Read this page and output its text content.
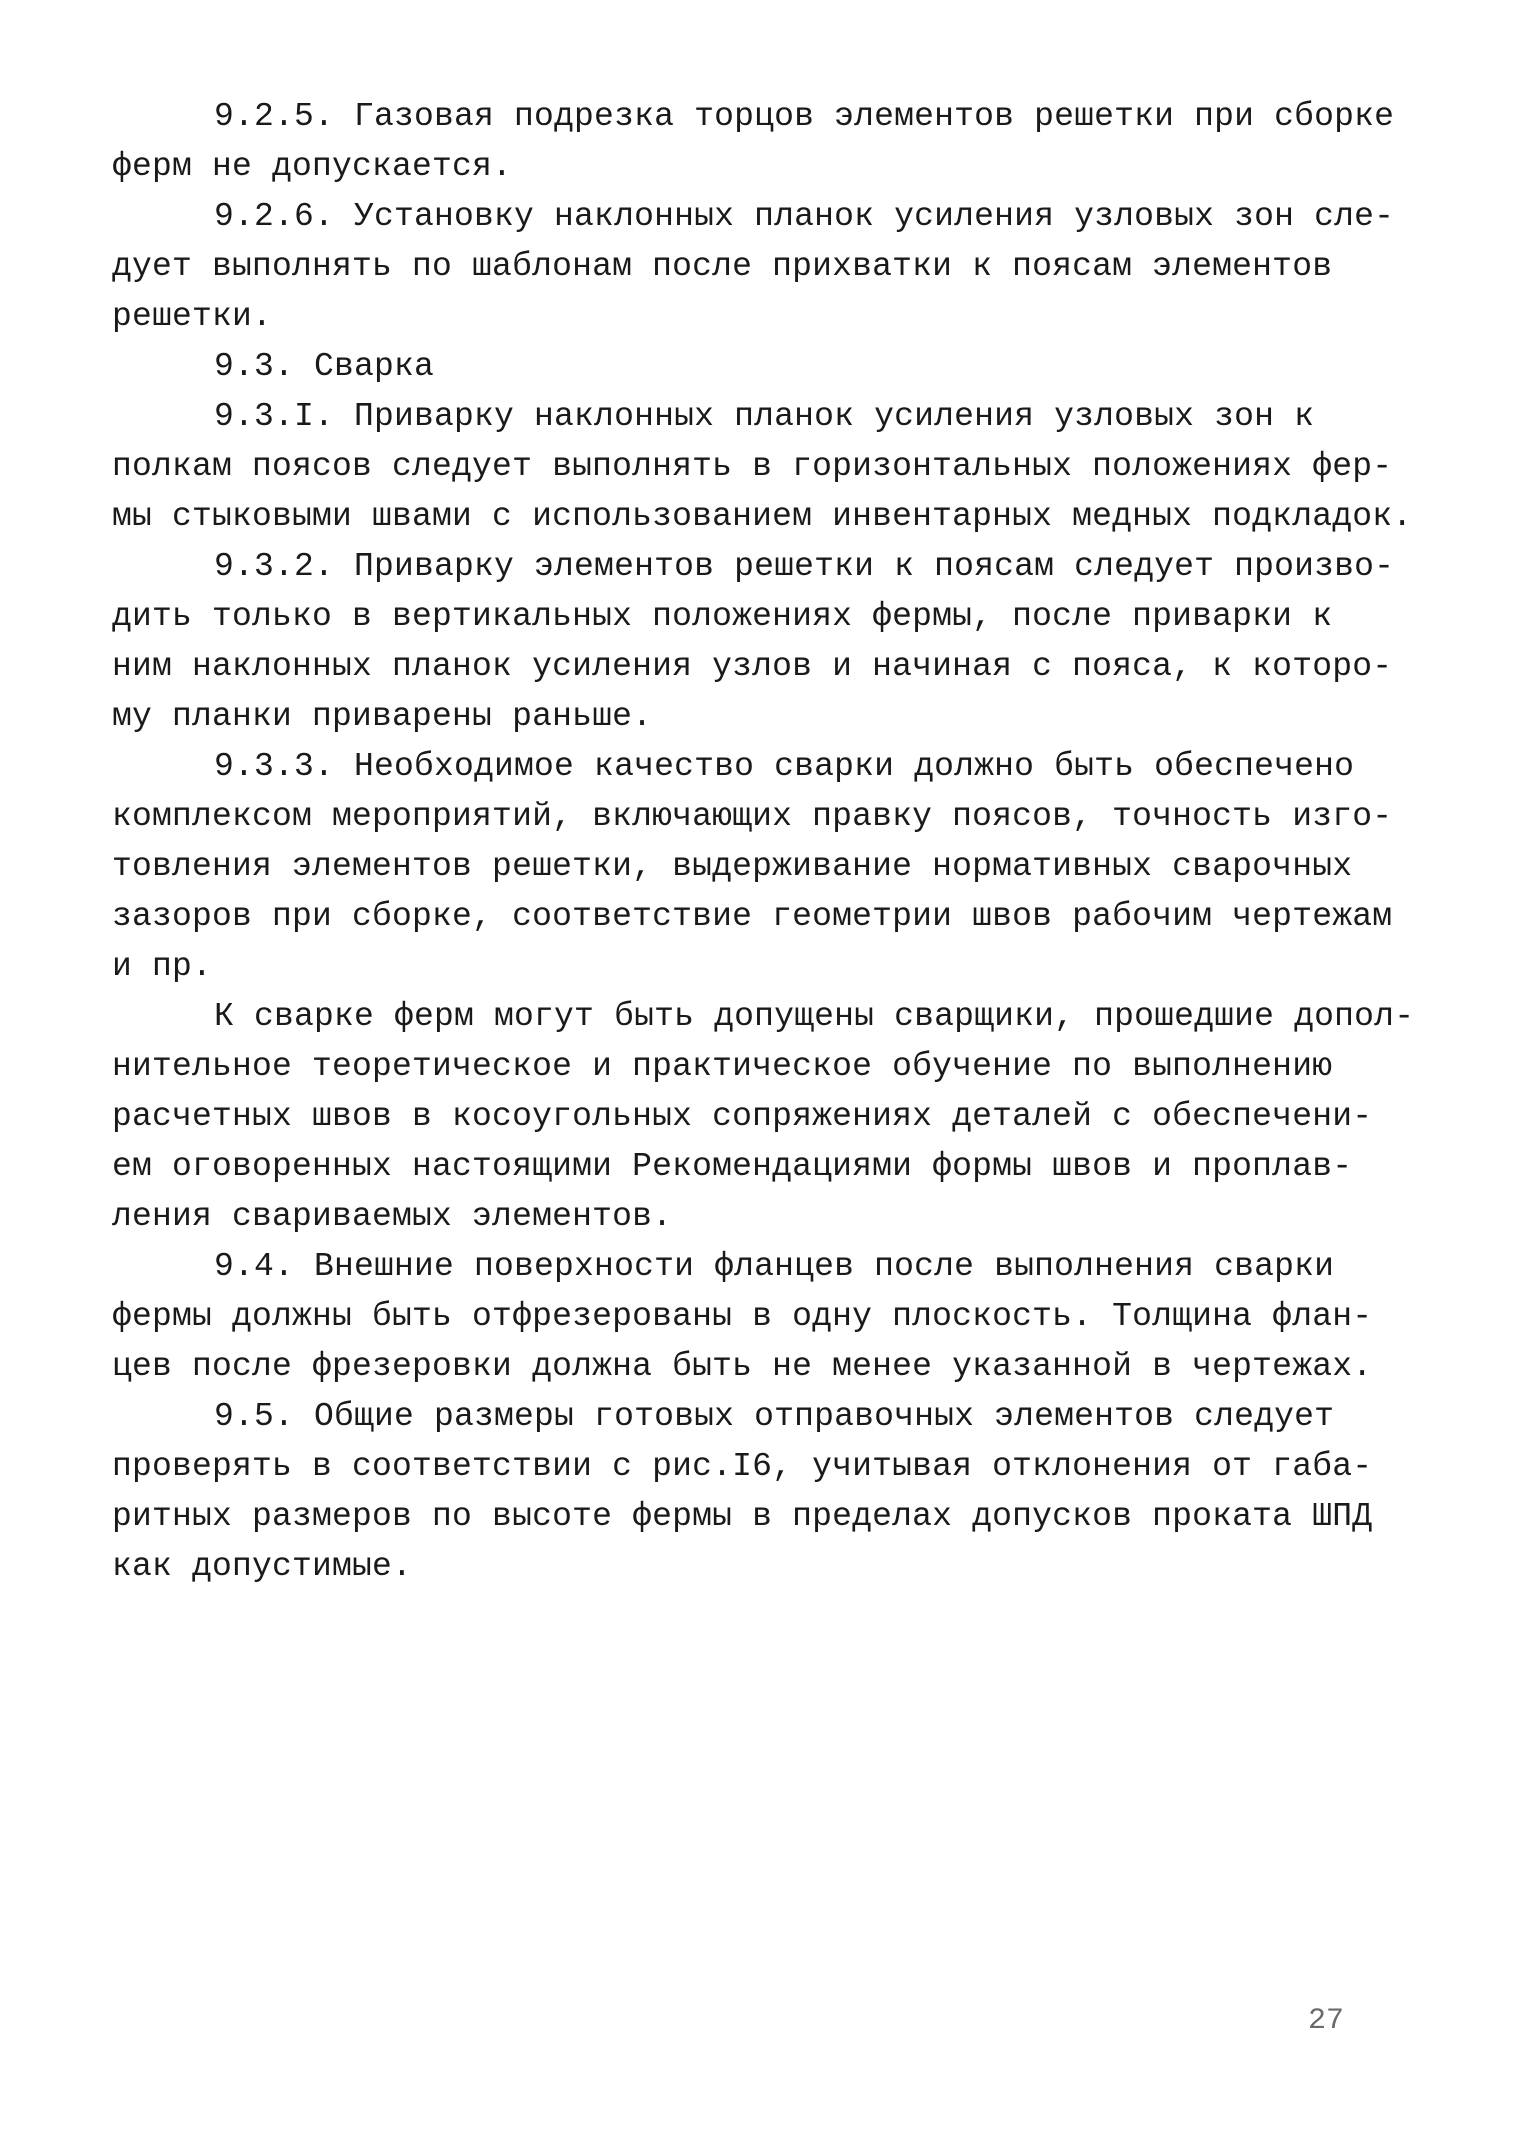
9.2.5. Газовая подрезка торцов элементов решетки при сборке
ферм не допускается.
9.2.6. Установку наклонных планок усиления узловых зон сле-
дует выполнять по шаблонам после прихватки к поясам элементов
решетки.
9.3. Сварка
9.3.I. Приварку наклонных планок усиления узловых зон к
полкам поясов следует выполнять в горизонтальных положениях фер-
мы стыковыми швами с использованием инвентарных медных подкладок.
9.3.2. Приварку элементов решетки к поясам следует произво-
дить только в вертикальных положениях фермы, после приварки к
ним наклонных планок усиления узлов и начиная с пояса, к которо-
му планки приварены раньше.
9.3.3. Необходимое качество сварки должно быть обеспечено
комплексом мероприятий, включающих правку поясов, точность изго-
товления элементов решетки, выдерживание нормативных сварочных
зазоров при сборке, соответствие геометрии швов рабочим чертежам
и пр.
К сварке ферм могут быть допущены сварщики, прошедшие допол-
нительное теоретическое и практическое обучение по выполнению
расчетных швов в косоугольных сопряжениях деталей с обеспечени-
ем оговоренных настоящими Рекомендациями формы швов и проплав-
ления свариваемых элементов.
9.4. Внешние поверхности фланцев после выполнения сварки
фермы должны быть отфрезерованы в одну плоскость. Толщина флан-
цев после фрезеровки должна быть не менее указанной в чертежах.
9.5. Общие размеры готовых отправочных элементов следует
проверять в соответствии с рис.I6, учитывая отклонения от габа-
ритных размеров по высоте фермы в пределах допусков проката ШПД
как допустимые.
27
